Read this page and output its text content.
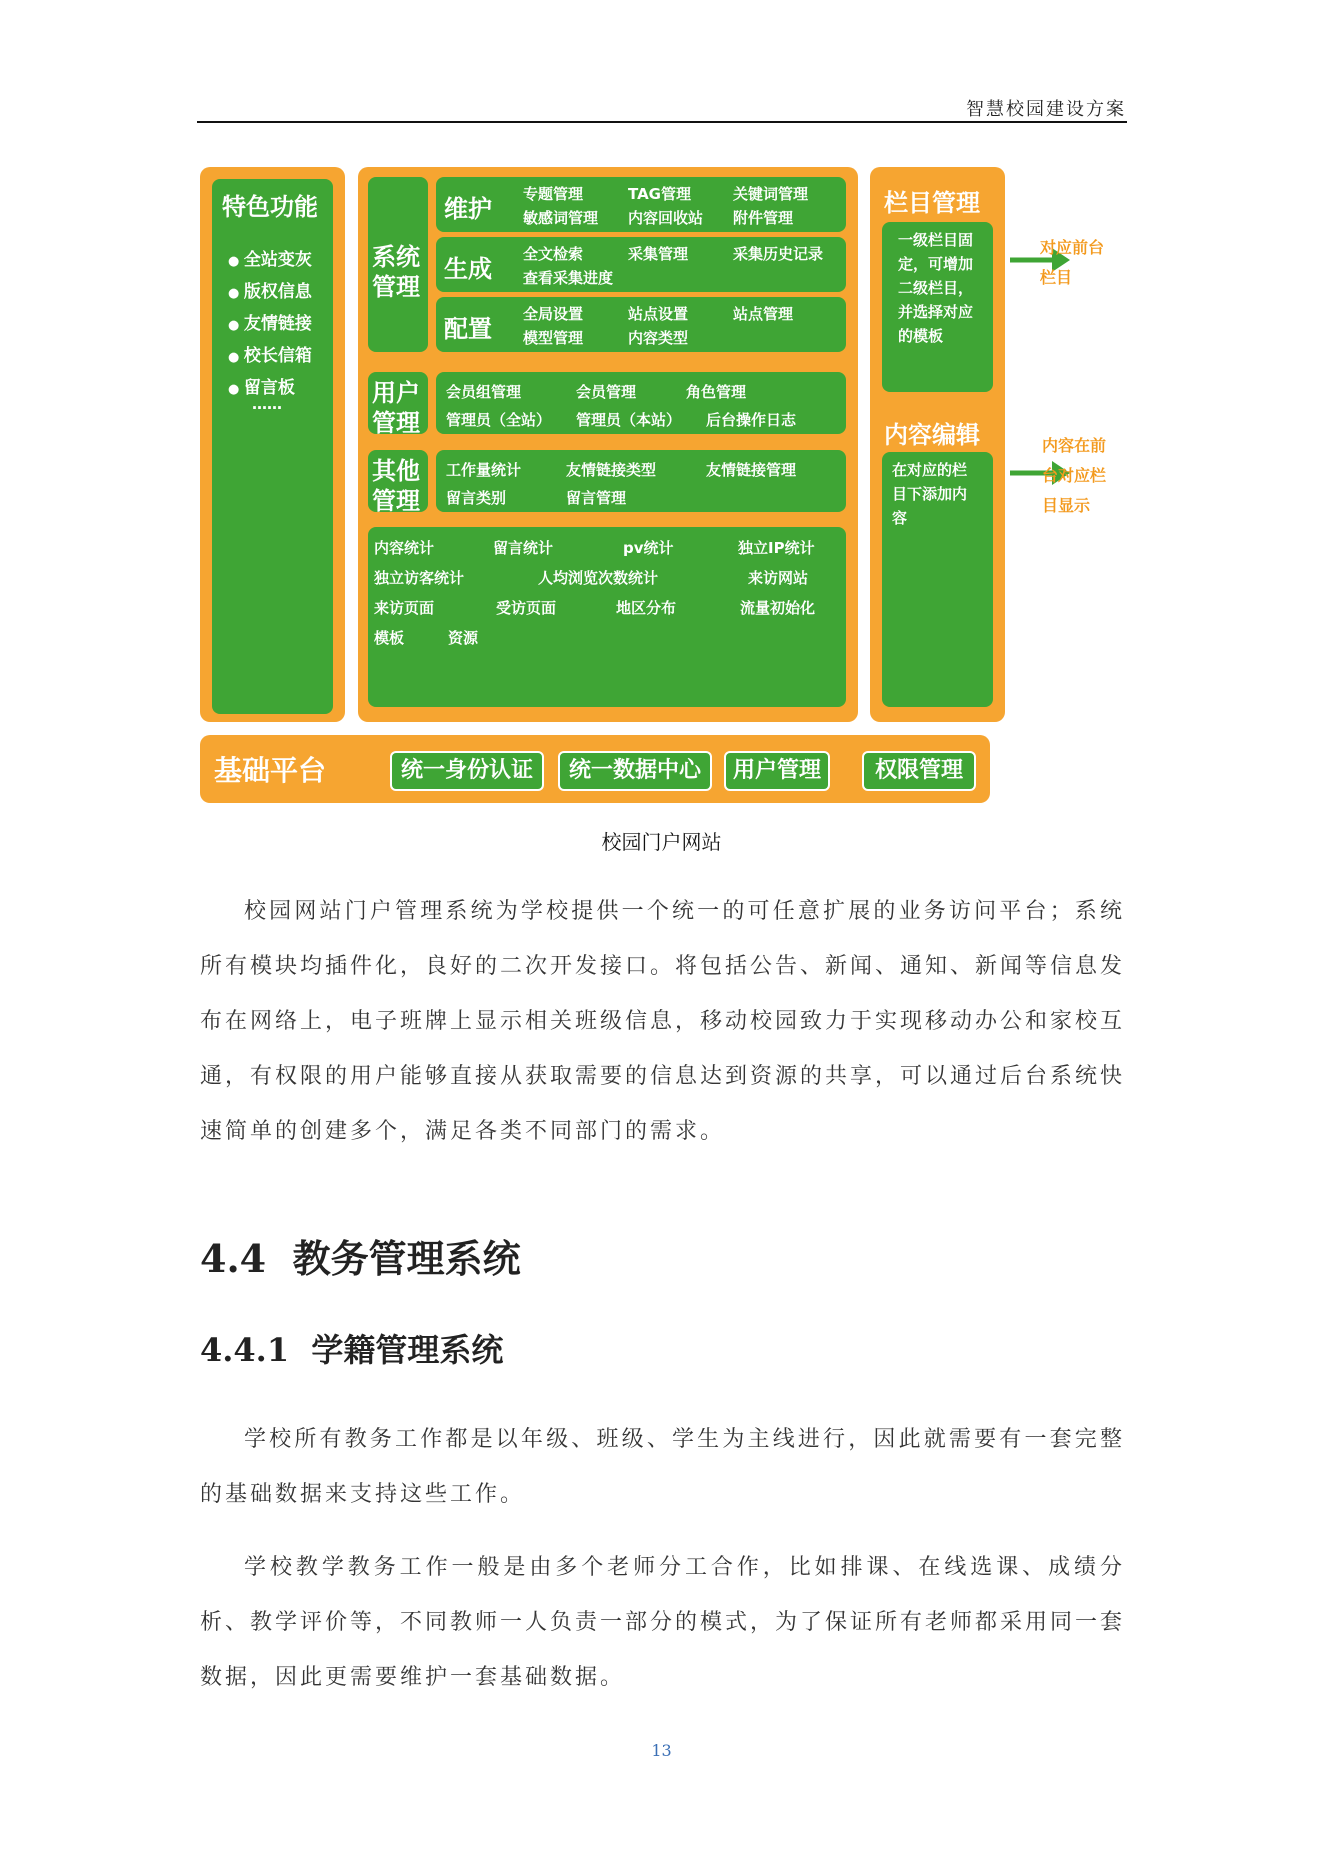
智慧校园建设方案
特色功能
● 全站变灰
● 版权信息
● 友情链接
● 校长信箱
● 留言板
……
系统
管理
维护
专题管理	TAG管理	关键词管理
敏感词管理 内容回收站 附件管理
生成
全文检索	采集管理	采集历史记录
查看采集进度
配置
全局设置	站点设置	站点管理
模型管理	内容类型
用户
管理
会员组管理	会员管理	角色管理
管理员（全站） 管理员（本站） 后台操作日志
其他
管理
工作量统计	友情链接类型	友情链接管理
留言类别	留言管理
内容统计	留言统计	pv统计	独立IP统计
独立访客统计	人均浏览次数统计	来访网站
来访页面	受访页面	地区分布	流量初始化
模板	资源
栏目管理
一级栏目固
定，可增加
二级栏目，
并选择对应
的模板
内容编辑
在对应的栏
目下添加内
容
对应前台
栏目
内容在前
台对应栏
目显示
基础平台	统一身份认证	统一数据中心	用户管理	权限管理
校园门户网站

校园网站门户管理系统为学校提供一个统一的可任意扩展的业务访问平台；系统所有模块均插件化，良好的二次开发接口。将包括公告、新闻、通知、新闻等信息发布在网络上，电子班牌上显示相关班级信息，移动校园致力于实现移动办公和家校互通，有权限的用户能够直接从获取需要的信息达到资源的共享，可以通过后台系统快速简单的创建多个，满足各类不同部门的需求。

4.4 教务管理系统
4.4.1 学籍管理系统

学校所有教务工作都是以年级、班级、学生为主线进行，因此就需要有一套完整的基础数据来支持这些工作。

学校教学教务工作一般是由多个老师分工合作，比如排课、在线选课、成绩分析、教学评价等，不同教师一人负责一部分的模式，为了保证所有老师都采用同一套数据，因此更需要维护一套基础数据。

13
